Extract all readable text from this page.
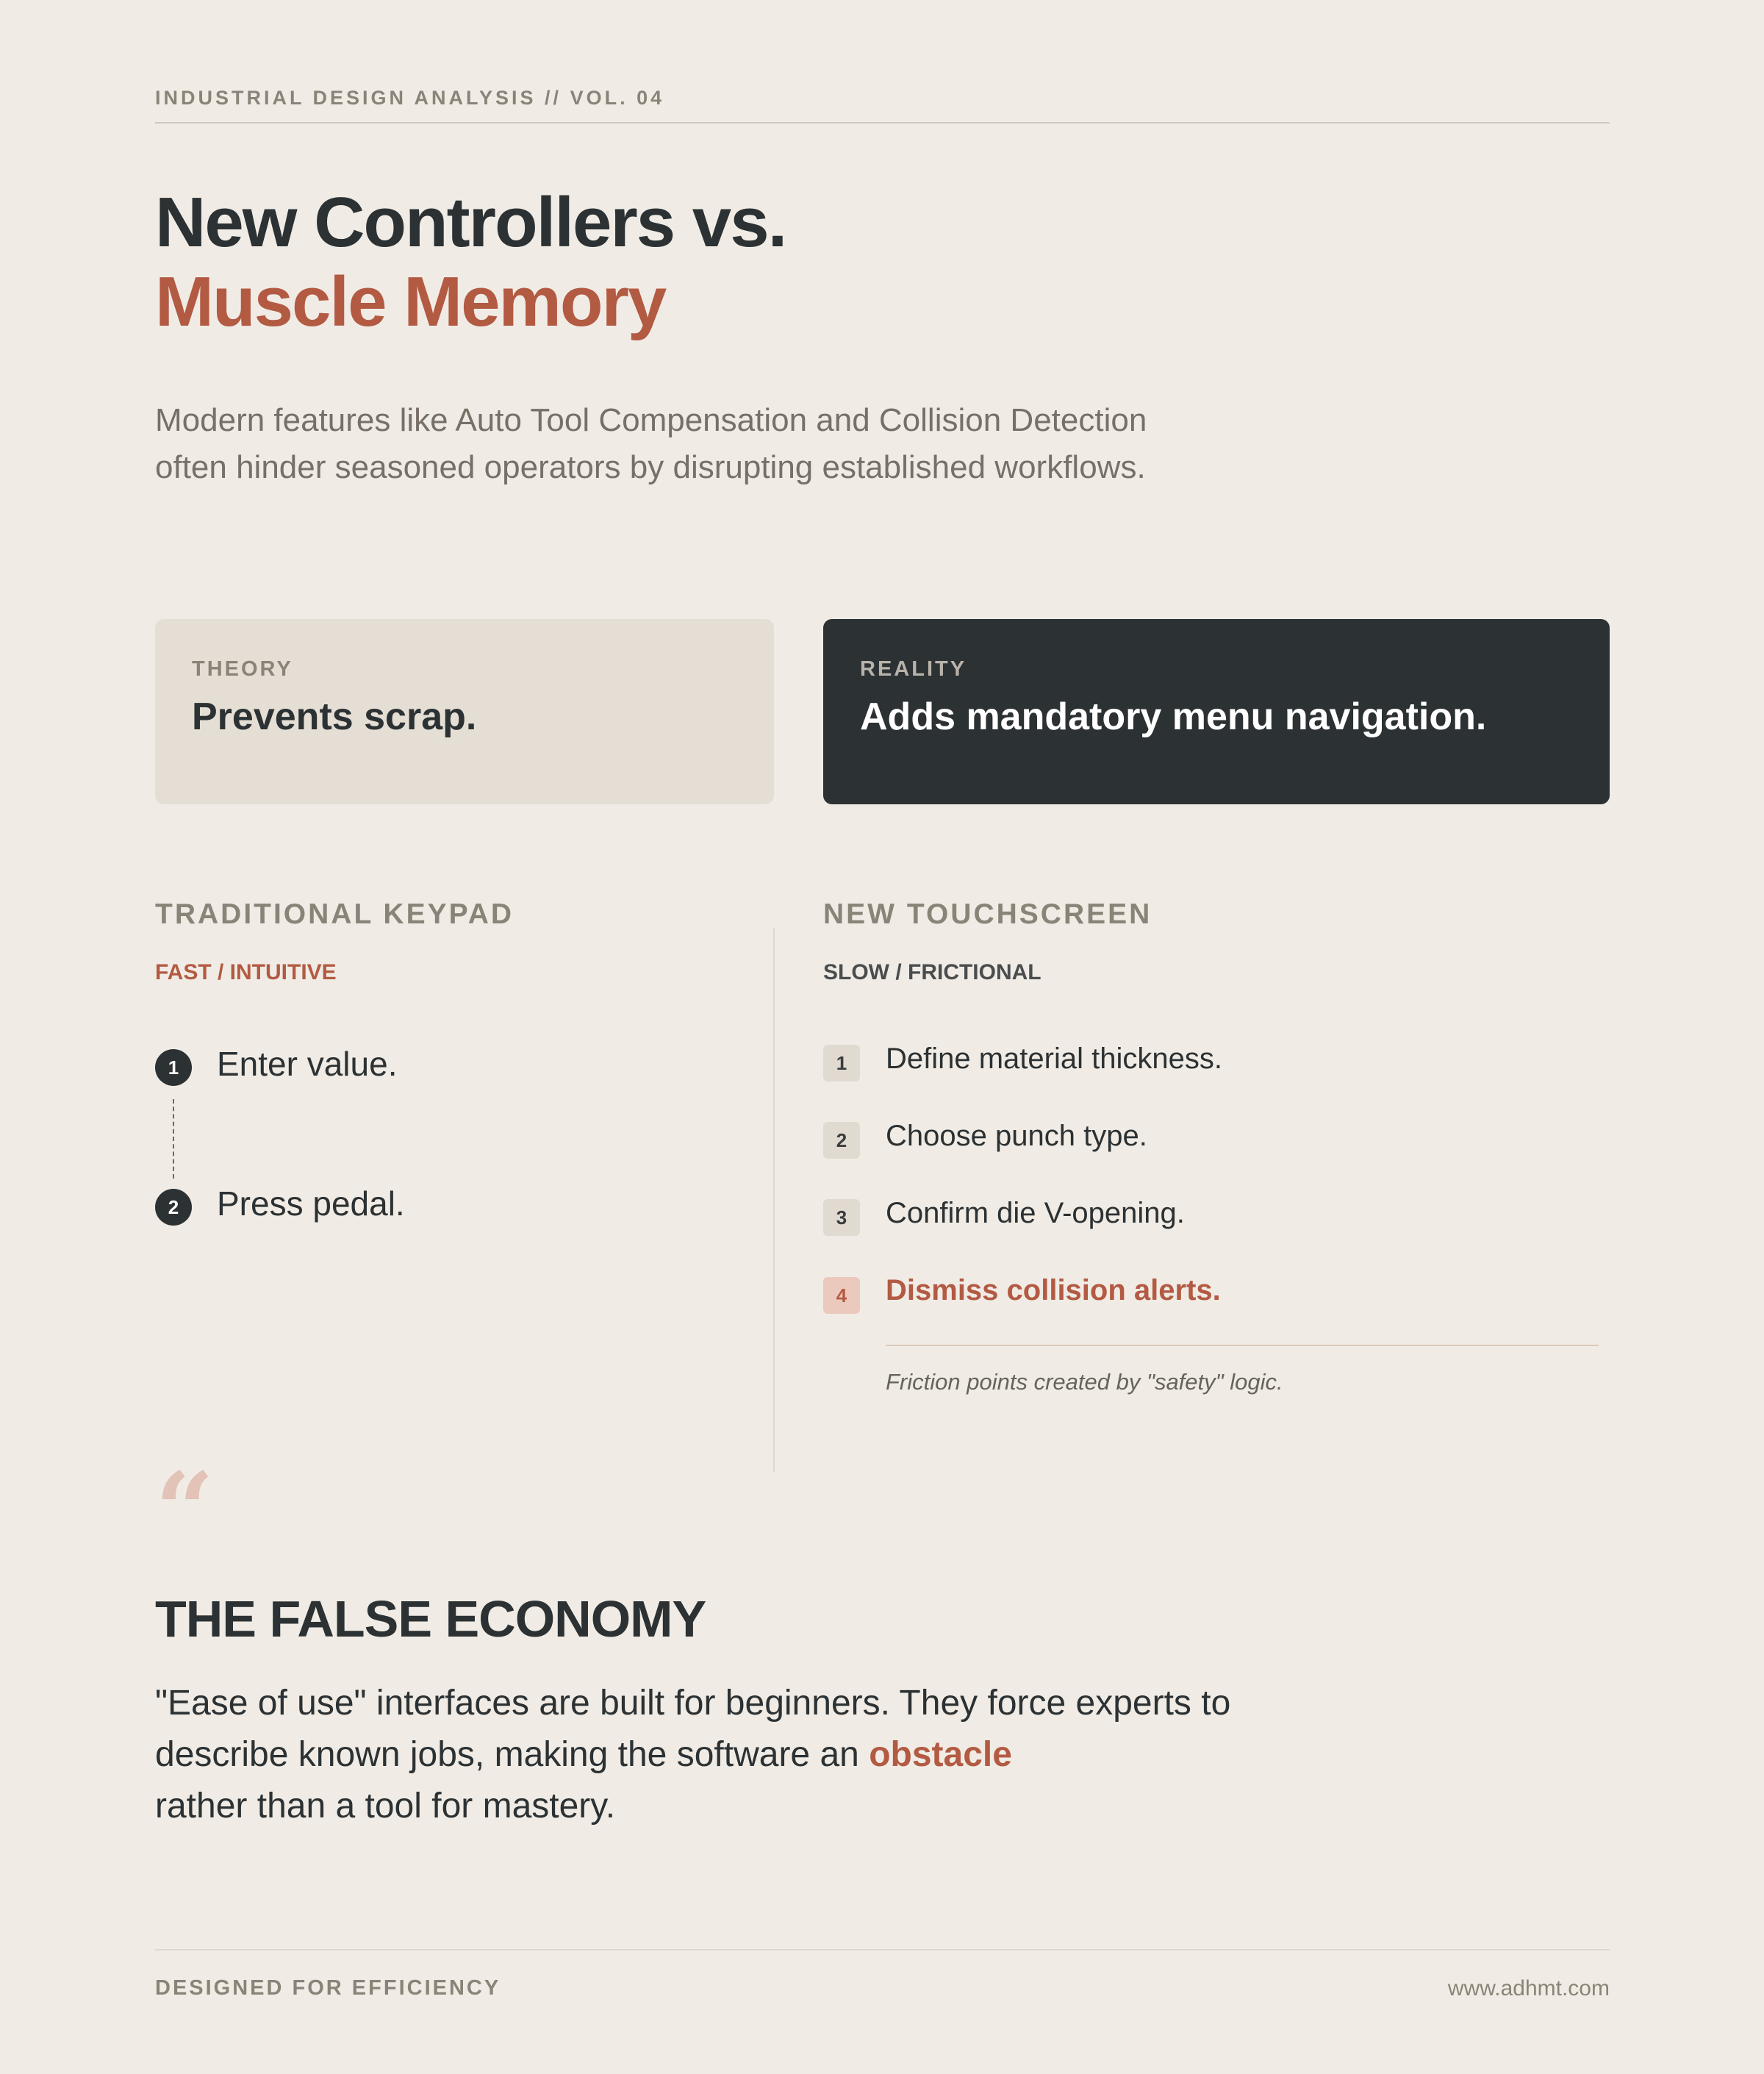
INDUSTRIAL DESIGN ANALYSIS // VOL. 04
New Controllers vs.
Muscle Memory
Modern features like Auto Tool Compensation and Collision Detection
often hinder seasoned operators by disrupting established workflows.
THEORY
Prevents scrap.
REALITY
Adds mandatory menu navigation.
TRADITIONAL KEYPAD
FAST / INTUITIVE
1	Enter value.
2	Press pedal.
NEW TOUCHSCREEN
SLOW / FRICTIONAL
1	Define material thickness.
2	Choose punch type.
3	Confirm die V-opening.
4	Dismiss collision alerts.
Friction points created by "safety" logic.
“
THE FALSE ECONOMY
"Ease of use" interfaces are built for beginners. They force experts to describe known jobs, making the software an obstacle
rather than a tool for mastery.
DESIGNED FOR EFFICIENCY	www.adhmt.com
